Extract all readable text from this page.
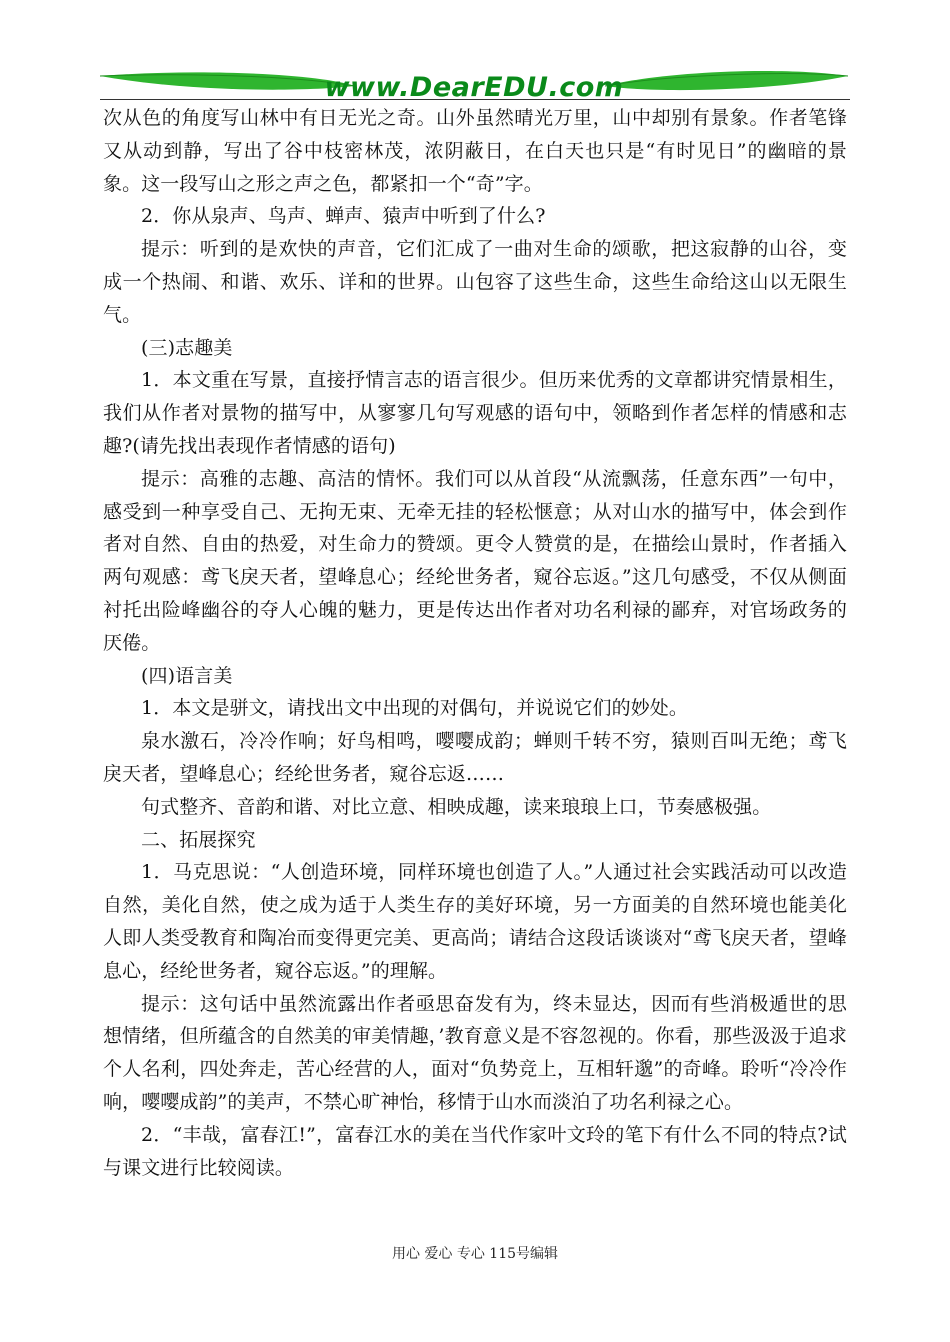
www.DearEDU.com

次从色的角度写山林中有日无光之奇。山外虽然晴光万里，山中却别有景象。作者笔锋又从动到静，写出了谷中枝密林茂，浓阴蔽日，在白天也只是“有时见日”的幽暗的景象。这一段写山之形之声之色，都紧扣一个“奇”字。

2．你从泉声、鸟声、蝉声、猿声中听到了什么?

提示：听到的是欢快的声音，它们汇成了一曲对生命的颂歌，把这寂静的山谷，变成一个热闹、和谐、欢乐、详和的世界。山包容了这些生命，这些生命给这山以无限生气。

(三)志趣美

1．本文重在写景，直接抒情言志的语言很少。但历来优秀的文章都讲究情景相生，我们从作者对景物的描写中，从寥寥几句写观感的语句中，领略到作者怎样的情感和志趣?(请先找出表现作者情感的语句)

提示：高雅的志趣、高洁的情怀。我们可以从首段“从流飘荡，任意东西”一句中，感受到一种享受自己、无拘无束、无牵无挂的轻松惬意；从对山水的描写中，体会到作者对自然、自由的热爱，对生命力的赞颂。更令人赞赏的是，在描绘山景时，作者插入两句观感：鸢飞戾天者，望峰息心；经纶世务者，窥谷忘返。”这几句感受，不仅从侧面衬托出险峰幽谷的夺人心魄的魅力，更是传达出作者对功名利禄的鄙弃，对官场政务的厌倦。

(四)语言美

1．本文是骈文，请找出文中出现的对偶句，并说说它们的妙处。

泉水激石，冷冷作响；好鸟相鸣，嘤嘤成韵；蝉则千转不穷，猿则百叫无绝；鸢飞戾天者，望峰息心；经纶世务者，窥谷忘返……

句式整齐、音韵和谐、对比立意、相映成趣，读来琅琅上口，节奏感极强。

二、拓展探究

1．马克思说：“人创造环境，同样环境也创造了人。”人通过社会实践活动可以改造自然，美化自然，使之成为适于人类生存的美好环境，另一方面美的自然环境也能美化人即人类受教育和陶冶而变得更完美、更高尚；请结合这段话谈谈对“鸢飞戾天者，望峰息心，经纶世务者，窥谷忘返。”的理解。

提示：这句话中虽然流露出作者亟思奋发有为，终未显达，因而有些消极遁世的思想情绪，但所蕴含的自然美的审美情趣，’教育意义是不容忽视的。你看，那些汲汲于追求个人名利，四处奔走，苦心经营的人，面对“负势竞上，互相轩邈”的奇峰。聆听“冷冷作响，嘤嘤成韵”的美声，不禁心旷神怡，移情于山水而淡泊了功名利禄之心。

2．“丰哉，富春江!”，富春江水的美在当代作家叶文玲的笔下有什么不同的特点?试与课文进行比较阅读。

用心 爱心 专心 115号编辑
